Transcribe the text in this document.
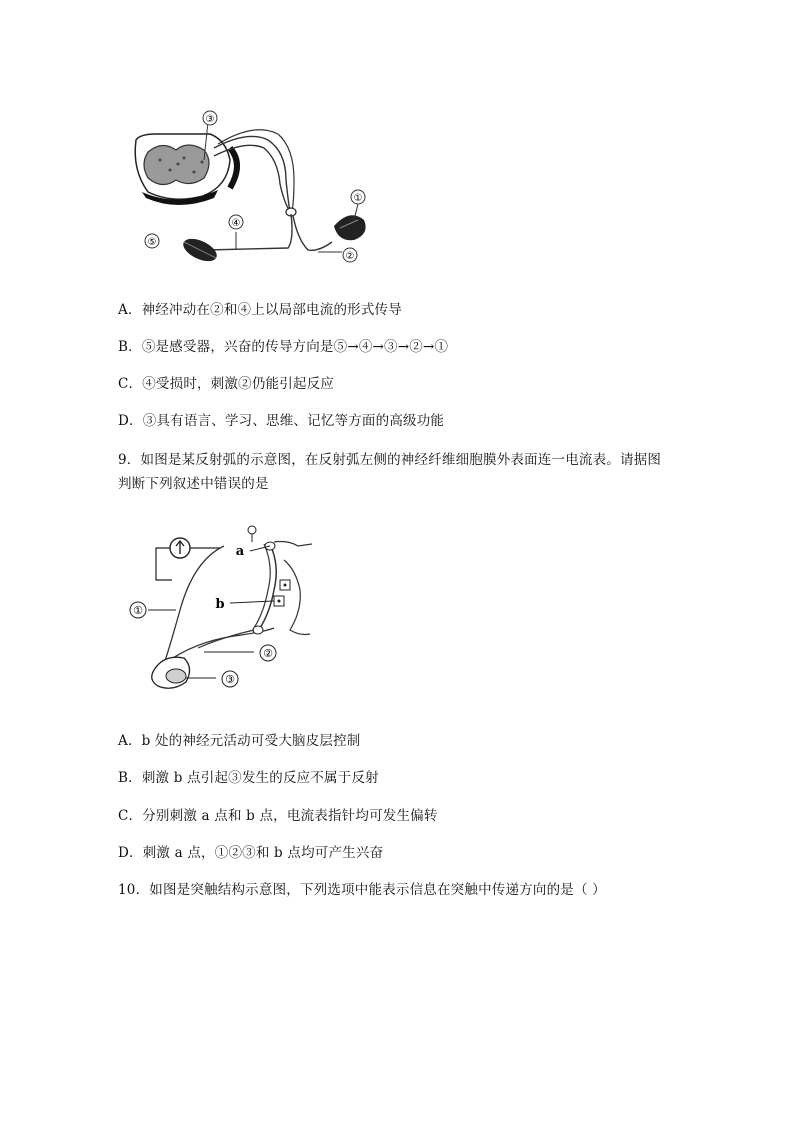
③
①
④
⑤
②
A．神经冲动在②和④上以局部电流的形式传导
B．⑤是感受器，兴奋的传导方向是⑤→④→③→②→①
C．④受损时，刺激②仍能引起反应
D．③具有语言、学习、思维、记忆等方面的高级功能
9．如图是某反射弧的示意图，在反射弧左侧的神经纤维细胞膜外表面连一电流表。请据图
判断下列叙述中错误的是
a
b
①
②
③
A．b 处的神经元活动可受大脑皮层控制
B．刺激 b 点引起③发生的反应不属于反射
C．分别刺激 a 点和 b 点，电流表指针均可发生偏转
D．刺激 a 点，①②③和 b 点均可产生兴奋
10．如图是突触结构示意图，下列选项中能表示信息在突触中传递方向的是（ ）
